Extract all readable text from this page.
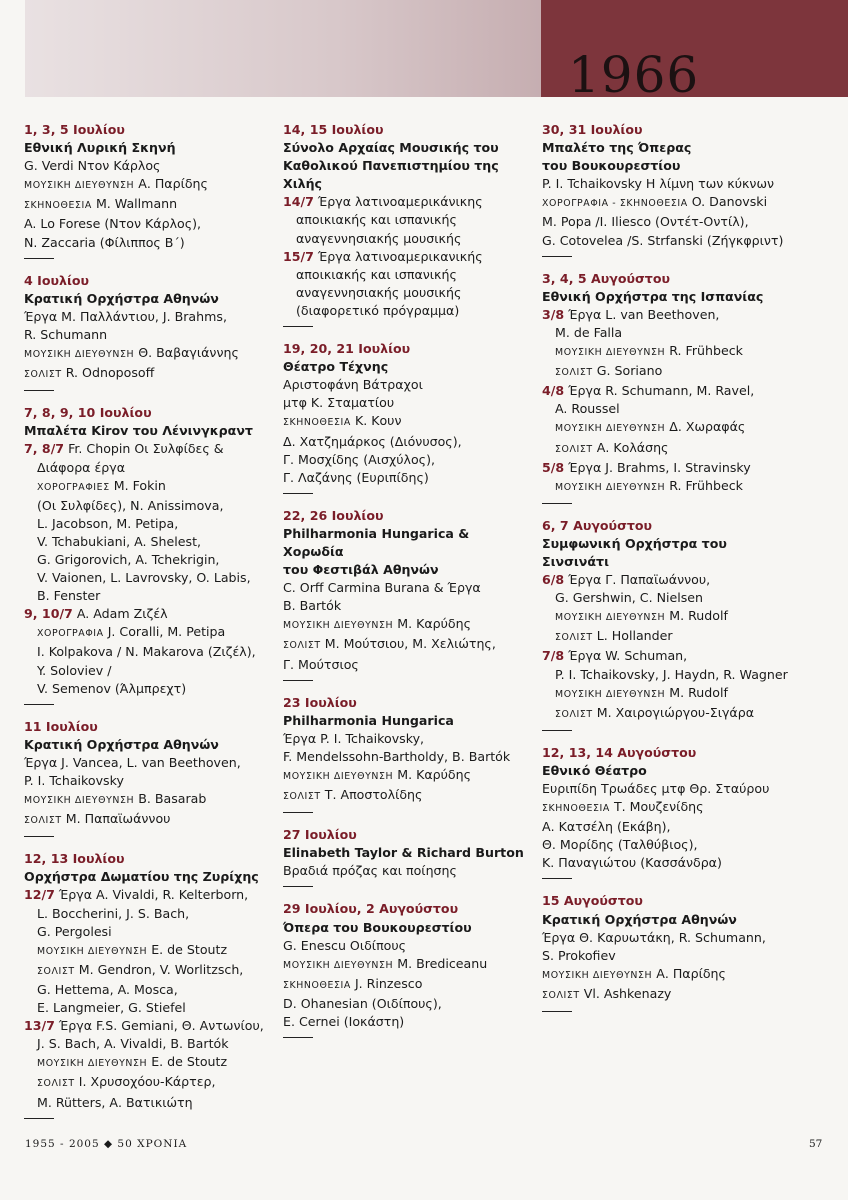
1966
1, 3, 5 Ιουλίου
Εθνική Λυρική Σκηνή
G. Verdi Ντον Κάρλος
ΜΟΥΣΙΚΗ ΔΙΕΥΘΥΝΣΗ Α. Παρίδης
ΣΚΗΝΟΘΕΣΙΑ M. Wallmann
A. Lo Forese (Ντον Κάρλος),
N. Zaccaria (Φίλιππος Β΄)
4 Ιουλίου
Κρατική Ορχήστρα Αθηνών
Έργα Μ. Παλλάντιου, J. Brahms,
R. Schumann
ΜΟΥΣΙΚΗ ΔΙΕΥΘΥΝΣΗ Θ. Βαβαγιάννης
ΣΟΛΙΣΤ R. Odnoposoff
7, 8, 9, 10 Ιουλίου
Μπαλέτα Kirov του Λένινγκραντ
7, 8/7 Fr. Chopin Οι Συλφίδες &
Διάφορα έργα
ΧΟΡΟΓΡΑΦΙΕΣ M. Fokin
(Οι Συλφίδες), N. Anissimova,
L. Jacobson, M. Petipa,
V. Tchabukiani, A. Shelest,
G. Grigorovich, A. Tchekrigin,
V. Vaionen, L. Lavrovsky, O. Labis,
B. Fenster
9, 10/7 A. Adam Ζιζέλ
ΧΟΡΟΓΡΑΦΙΑ J. Coralli, M. Petipa
I. Kolpakova / N. Makarova (Ζιζέλ),
Y. Soloviev /
V. Semenov (Άλμπρεχτ)
11 Ιουλίου
Κρατική Ορχήστρα Αθηνών
Έργα J. Vancea, L. van Beethoven,
P. I. Tchaikovsky
ΜΟΥΣΙΚΗ ΔΙΕΥΘΥΝΣΗ B. Basarab
ΣΟΛΙΣΤ Μ. Παπαϊωάννου
12, 13 Ιουλίου
Ορχήστρα Δωματίου της Ζυρίχης
12/7 Έργα A. Vivaldi, R. Kelterborn,
L. Boccherini, J. S. Bach,
G. Pergolesi
ΜΟΥΣΙΚΗ ΔΙΕΥΘΥΝΣΗ E. de Stoutz
ΣΟΛΙΣΤ M. Gendron, V. Worlitzsch,
G. Hettema, A. Mosca,
E. Langmeier, G. Stiefel
13/7 Έργα F.S. Gemiani, Θ. Αντωνίου,
J. S. Bach, A. Vivaldi, B. Bartók
ΜΟΥΣΙΚΗ ΔΙΕΥΘΥΝΣΗ E. de Stoutz
ΣΟΛΙΣΤ Ι. Χρυσοχόου-Κάρτερ,
M. Rütters, Α. Βατικιώτη
14, 15 Ιουλίου
Σύνολο Αρχαίας Μουσικής του
Καθολικού Πανεπιστημίου της Χιλής
14/7 Έργα λατινοαμερικάνικης
αποικιακής και ισπανικής
αναγεννησιακής μουσικής
15/7 Έργα λατινοαμερικανικής
αποικιακής και ισπανικής
αναγεννησιακής μουσικής
(διαφορετικό πρόγραμμα)
19, 20, 21 Ιουλίου
Θέατρο Τέχνης
Αριστοφάνη Βάτραχοι
μτφ Κ. Σταματίου
ΣΚΗΝΟΘΕΣΙΑ Κ. Κουν
Δ. Χατζημάρκος (Διόνυσος),
Γ. Μοσχίδης (Αισχύλος),
Γ. Λαζάνης (Ευριπίδης)
22, 26 Ιουλίου
Philharmonia Hungarica & Χορωδία
του Φεστιβάλ Αθηνών
C. Orff Carmina Burana & Έργα
B. Bartók
ΜΟΥΣΙΚΗ ΔΙΕΥΘΥΝΣΗ Μ. Καρύδης
ΣΟΛΙΣΤ Μ. Μούτσιου, Μ. Χελιώτης,
Γ. Μούτσιος
23 Ιουλίου
Philharmonia Hungarica
Έργα P. I. Tchaikovsky,
F. Mendelssohn-Bartholdy, B. Bartók
ΜΟΥΣΙΚΗ ΔΙΕΥΘΥΝΣΗ Μ. Καρύδης
ΣΟΛΙΣΤ Τ. Αποστολίδης
27 Ιουλίου
Elinabeth Taylor & Richard Burton
Βραδιά πρόζας και ποίησης
29 Ιουλίου, 2 Αυγούστου
Όπερα του Βουκουρεστίου
G. Enescu Οιδίπους
ΜΟΥΣΙΚΗ ΔΙΕΥΘΥΝΣΗ M. Brediceanu
ΣΚΗΝΟΘΕΣΙΑ J. Rinzesco
D. Ohanesian (Οιδίπους),
E. Cernei (Ιοκάστη)
30, 31 Ιουλίου
Μπαλέτο της Όπερας
του Βουκουρεστίου
P. I. Tchaikovsky Η λίμνη των κύκνων
ΧΟΡΟΓΡΑΦΙΑ - ΣΚΗΝΟΘΕΣΙΑ O. Danovski
M. Popa /I. Iliesco (Οντέτ-Οντίλ),
G. Cotovelea /S. Strfanski (Ζήγκφριντ)
3, 4, 5 Αυγούστου
Εθνική Ορχήστρα της Ισπανίας
3/8 Έργα L. van Beethoven,
M. de Falla
ΜΟΥΣΙΚΗ ΔΙΕΥΘΥΝΣΗ R. Frühbeck
ΣΟΛΙΣΤ G. Soriano
4/8 Έργα R. Schumann, M. Ravel,
A. Roussel
ΜΟΥΣΙΚΗ ΔΙΕΥΘΥΝΣΗ Δ. Χωραφάς
ΣΟΛΙΣΤ Α. Κολάσης
5/8 Έργα J. Brahms, I. Stravinsky
ΜΟΥΣΙΚΗ ΔΙΕΥΘΥΝΣΗ R. Frühbeck
6, 7 Αυγούστου
Συμφωνική Ορχήστρα του Σινσινάτι
6/8 Έργα Γ. Παπαϊωάννου,
G. Gershwin, C. Nielsen
ΜΟΥΣΙΚΗ ΔΙΕΥΘΥΝΣΗ M. Rudolf
ΣΟΛΙΣΤ L. Hollander
7/8 Έργα W. Schuman,
P. I. Tchaikovsky, J. Haydn, R. Wagner
ΜΟΥΣΙΚΗ ΔΙΕΥΘΥΝΣΗ M. Rudolf
ΣΟΛΙΣΤ Μ. Χαιρογιώργου-Σιγάρα
12, 13, 14 Αυγούστου
Εθνικό Θέατρο
Ευριπίδη Τρωάδες μτφ Θρ. Σταύρου
ΣΚΗΝΟΘΕΣΙΑ Τ. Μουζενίδης
Α. Κατσέλη (Εκάβη),
Θ. Μορίδης (Ταλθύβιος),
Κ. Παναγιώτου (Κασσάνδρα)
15 Αυγούστου
Κρατική Ορχήστρα Αθηνών
Έργα Θ. Καρυωτάκη, R. Schumann,
S. Prokofiev
ΜΟΥΣΙΚΗ ΔΙΕΥΘΥΝΣΗ Α. Παρίδης
ΣΟΛΙΣΤ Vl. Ashkenazy
1955 - 2005 ◆ 50 ΧΡΟΝΙΑ	57
